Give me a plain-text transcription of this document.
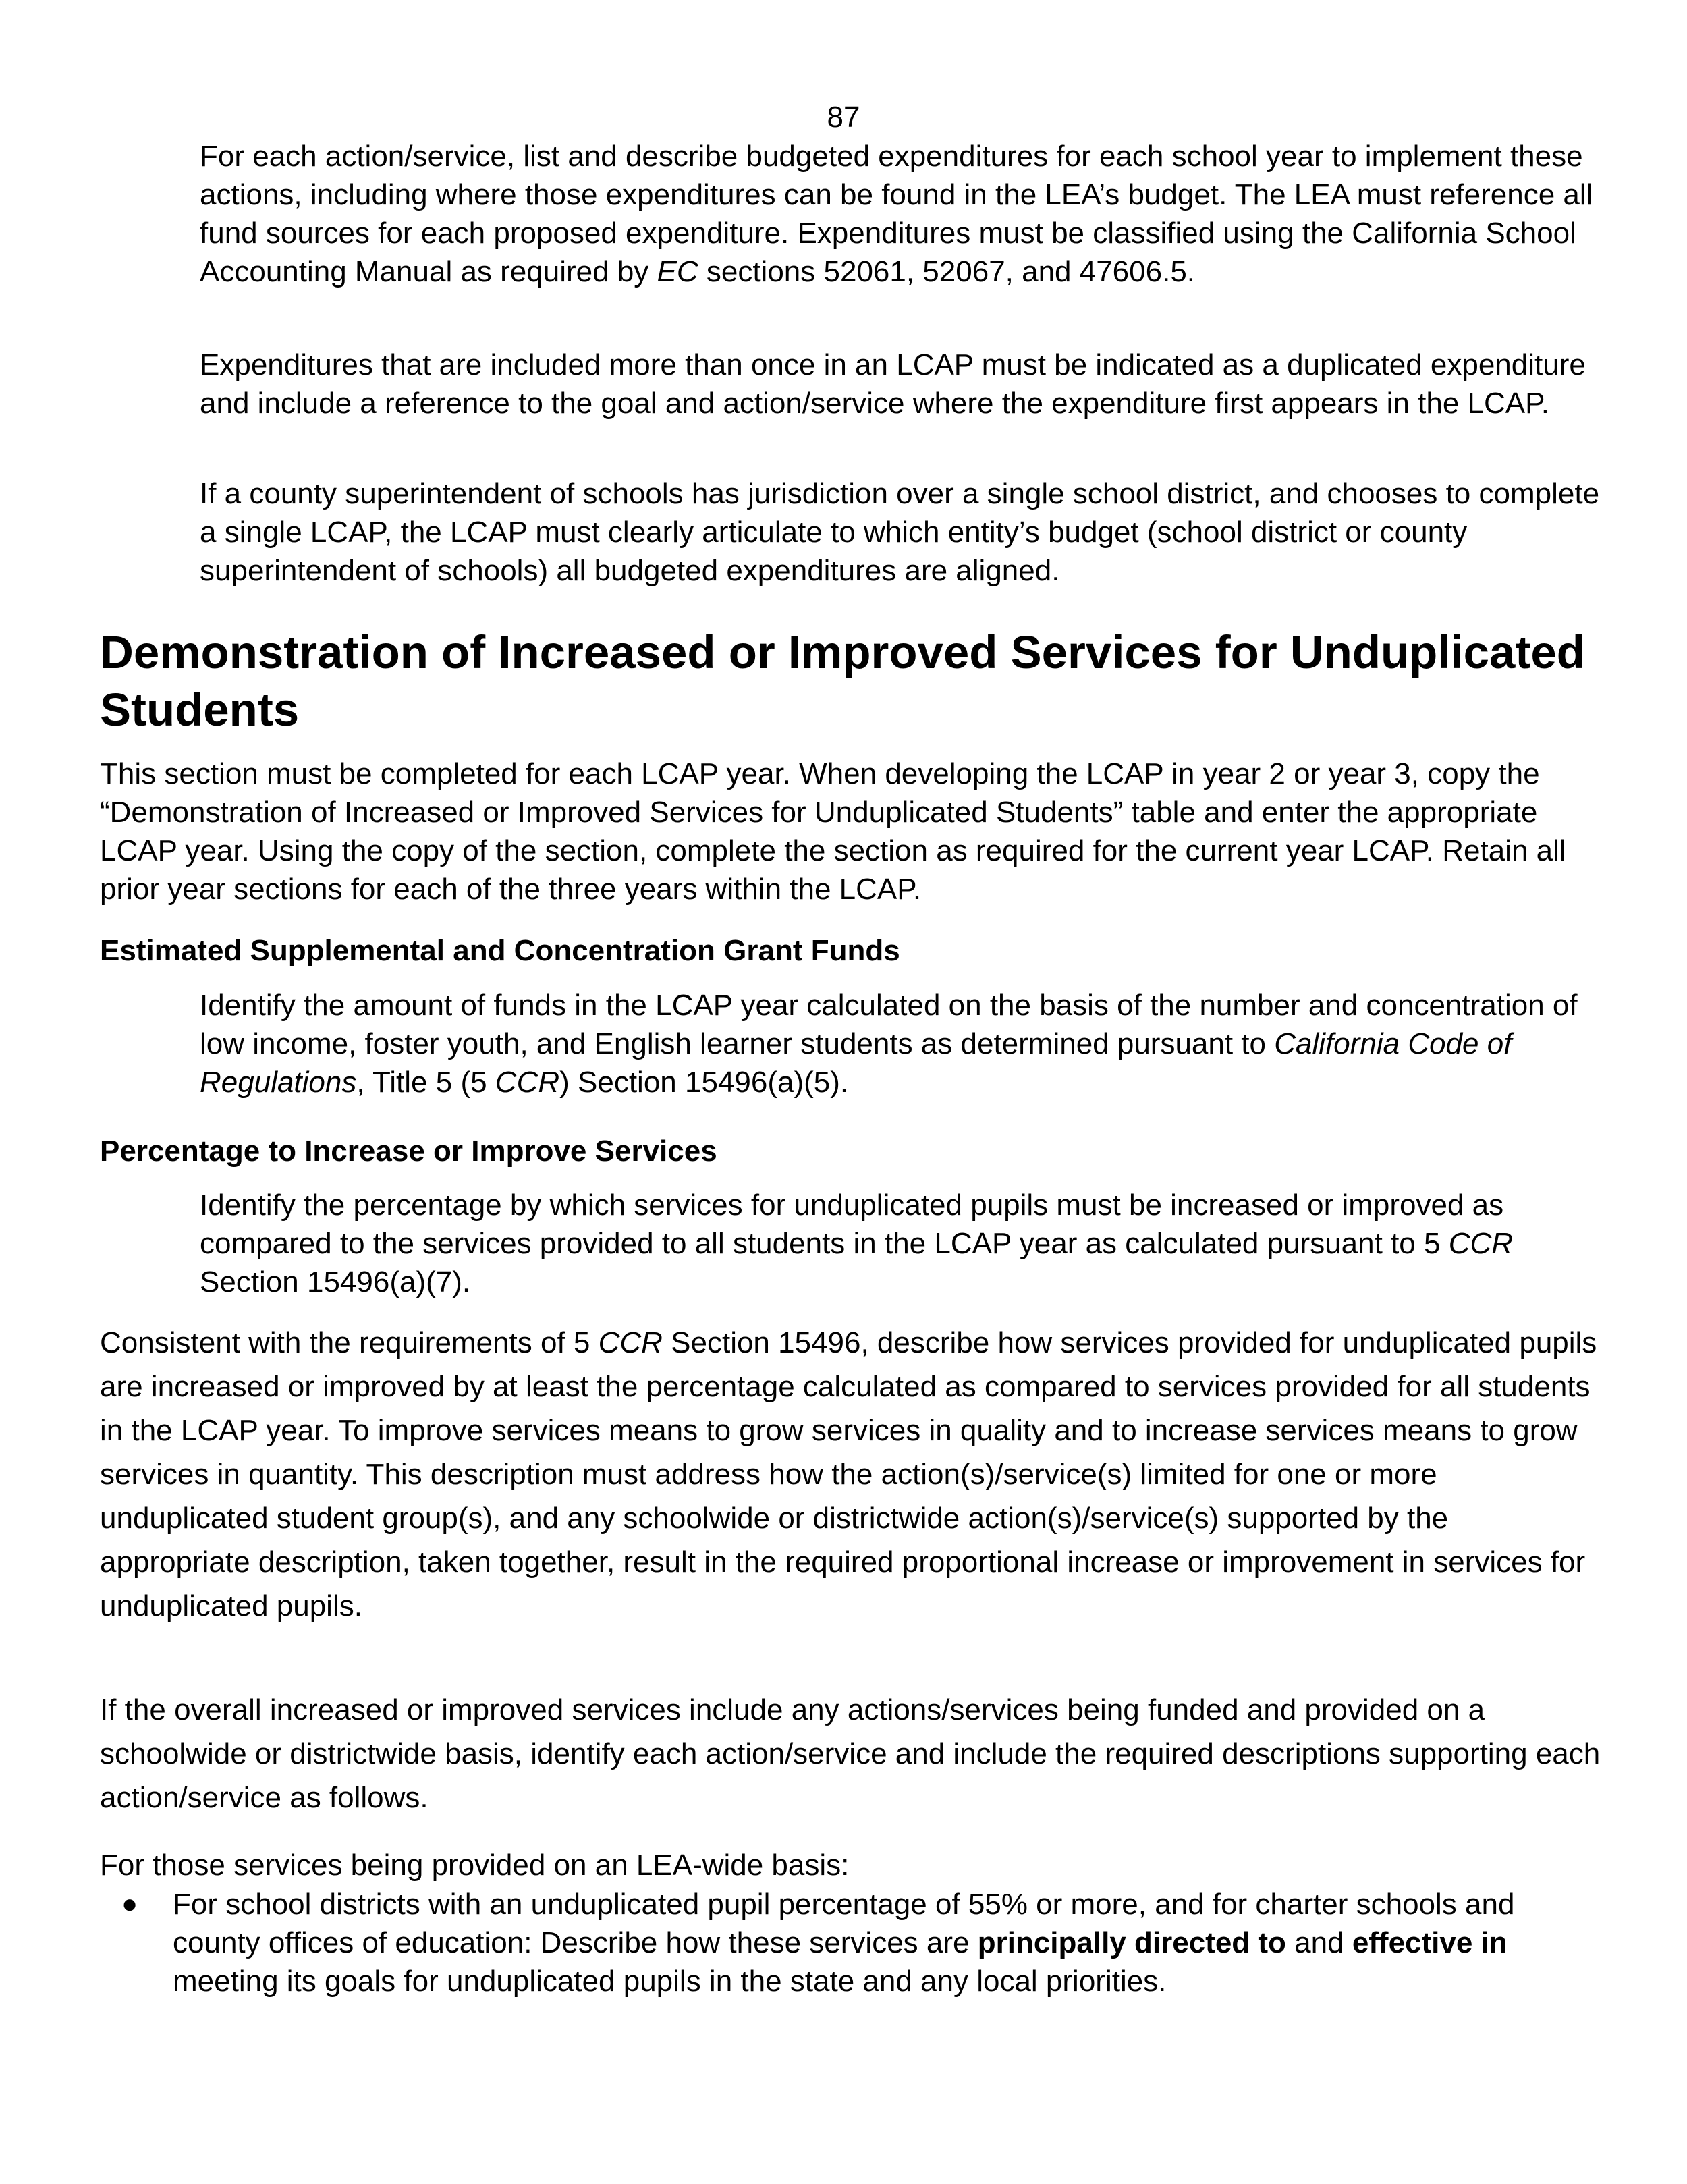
87

For each action/service, list and describe budgeted expenditures for each school year to implement these actions, including where those expenditures can be found in the LEA’s budget. The LEA must reference all fund sources for each proposed expenditure. Expenditures must be classified using the California School Accounting Manual as required by EC sections 52061, 52067, and 47606.5.

Expenditures that are included more than once in an LCAP must be indicated as a duplicated expenditure and include a reference to the goal and action/service where the expenditure first appears in the LCAP.

If a county superintendent of schools has jurisdiction over a single school district, and chooses to complete a single LCAP, the LCAP must clearly articulate to which entity’s budget (school district or county superintendent of schools) all budgeted expenditures are aligned.

Demonstration of Increased or Improved Services for Unduplicated Students

This section must be completed for each LCAP year. When developing the LCAP in year 2 or year 3, copy the “Demonstration of Increased or Improved Services for Unduplicated Students” table and enter the appropriate LCAP year. Using the copy of the section, complete the section as required for the current year LCAP. Retain all prior year sections for each of the three years within the LCAP.

Estimated Supplemental and Concentration Grant Funds

Identify the amount of funds in the LCAP year calculated on the basis of the number and concentration of low income, foster youth, and English learner students as determined pursuant to California Code of Regulations, Title 5 (5 CCR) Section 15496(a)(5).

Percentage to Increase or Improve Services

Identify the percentage by which services for unduplicated pupils must be increased or improved as compared to the services provided to all students in the LCAP year as calculated pursuant to 5 CCR Section 15496(a)(7).

Consistent with the requirements of 5 CCR Section 15496, describe how services provided for unduplicated pupils are increased or improved by at least the percentage calculated as compared to services provided for all students in the LCAP year. To improve services means to grow services in quality and to increase services means to grow services in quantity. This description must address how the action(s)/service(s) limited for one or more unduplicated student group(s), and any schoolwide or districtwide action(s)/service(s) supported by the appropriate description, taken together, result in the required proportional increase or improvement in services for unduplicated pupils.

If the overall increased or improved services include any actions/services being funded and provided on a schoolwide or districtwide basis, identify each action/service and include the required descriptions supporting each action/service as follows.

For those services being provided on an LEA-wide basis:

● For school districts with an unduplicated pupil percentage of 55% or more, and for charter schools and county offices of education: Describe how these services are principally directed to and effective in meeting its goals for unduplicated pupils in the state and any local priorities.
